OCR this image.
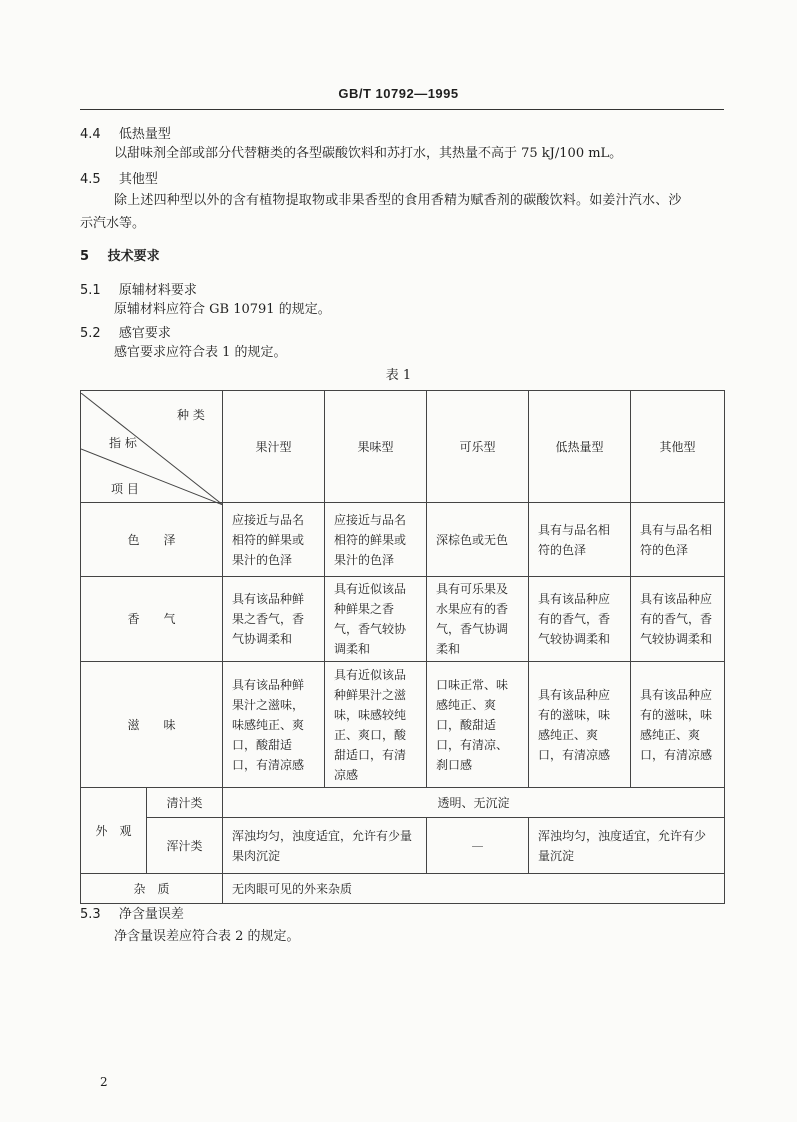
GB/T 10792—1995
4.4 低热量型
以甜味剂全部或部分代替糖类的各型碳酸饮料和苏打水，其热量不高于 75 kJ/100 mL。
4.5 其他型
除上述四种型以外的含有植物提取物或非果香型的食用香精为赋香剂的碳酸饮料。如姜汁汽水、沙
示汽水等。
5 技术要求
5.1 原辅材料要求
原辅材料应符合 GB 10791 的规定。
5.2 感官要求
感官要求应符合表 1 的规定。
表 1
种 类
指 标
项 目		果汁型	果味型	可乐型	低热量型	其他型
色　　泽		应接近与品名相符的鲜果或果汁的色泽	应接近与品名相符的鲜果或果汁的色泽	深棕色或无色	具有与品名相符的色泽	具有与品名相符的色泽

香　　气		具有该品种鲜果之香气，香气协调柔和	具有近似该品种鲜果之香气，香气较协调柔和	具有可乐果及水果应有的香气，香气协调柔和	具有该品种应有的香气，香气较协调柔和	具有该品种应有的香气，香气较协调柔和

滋　　味		具有该品种鲜果汁之滋味，味感纯正、爽口，酸甜适口，有清凉感	具有近似该品种鲜果汁之滋味，味感较纯正、爽口，酸甜适口，有清凉感	口味正常、味感纯正、爽口，酸甜适口，有清凉、刹口感	具有该品种应有的滋味，味感纯正、爽口，有清凉感	具有该品种应有的滋味，味感纯正、爽口，有清凉感

外　观	清汁类	透明、无沉淀				
	浑汁类	浑浊均匀，浊度适宜，允许有少量果肉沉淀		—	浑浊均匀，浊度适宜，允许有少量沉淀	

杂　质		无肉眼可见的外来杂质				
5.3 净含量误差
净含量误差应符合表 2 的规定。
2
